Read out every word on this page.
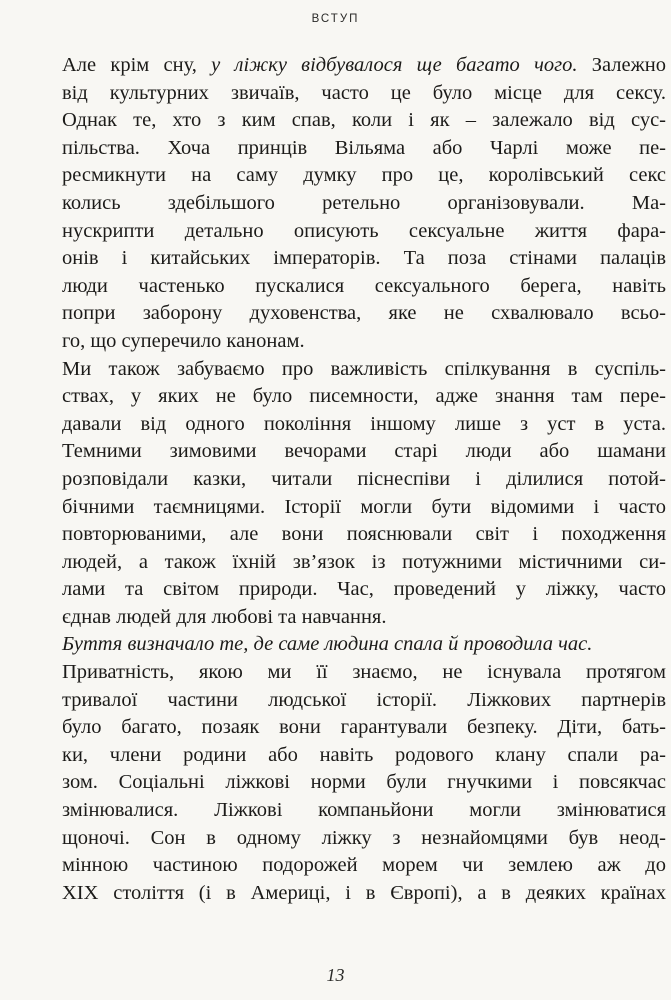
ВСТУП
Але крім сну, у ліжку відбувалося ще багато чого. Залежно
від культурних звичаїв, часто це було місце для сексу.
Однак те, хто з ким спав, коли і як – залежало від сус-
пільства. Хоча принців Вільяма або Чарлі може пе-
ресмикнути на саму думку про це, королівський секс
колись здебільшого ретельно організовували. Ма-
нускрипти детально описують сексуальне життя фара-
онів і китайських імператорів. Та поза стінами палаців
люди частенько пускалися сексуального берега, навіть
попри заборону духовенства, яке не схвалювало всьо-
го, що суперечило канонам.
Ми також забуваємо про важливість спілкування в суспіль-
ствах, у яких не було писемности, адже знання там пере-
давали від одного покоління іншому лише з уст в уста.
Темними зимовими вечорами старі люди або шамани
розповідали казки, читали піснеспіви і ділилися потой-
бічними таємницями. Історії могли бути відомими і часто
повторюваними, але вони пояснювали світ і походження
людей, а також їхній зв’язок із потужними містичними си-
лами та світом природи. Час, проведений у ліжку, часто
єднав людей для любові та навчання.
Буття визначало те, де саме людина спала й проводила час.
Приватність, якою ми її знаємо, не існувала протягом
тривалої частини людської історії. Ліжкових партнерів
було багато, позаяк вони гарантували безпеку. Діти, бать-
ки, члени родини або навіть родового клану спали ра-
зом. Соціальні ліжкові норми були гнучкими і повсякчас
змінювалися. Ліжкові компаньйони могли змінюватися
щоночі. Сон в одному ліжку з незнайомцями був неод-
мінною частиною подорожей морем чи землею аж до
XIX століття (і в Америці, і в Європі), а в деяких країнах
13
